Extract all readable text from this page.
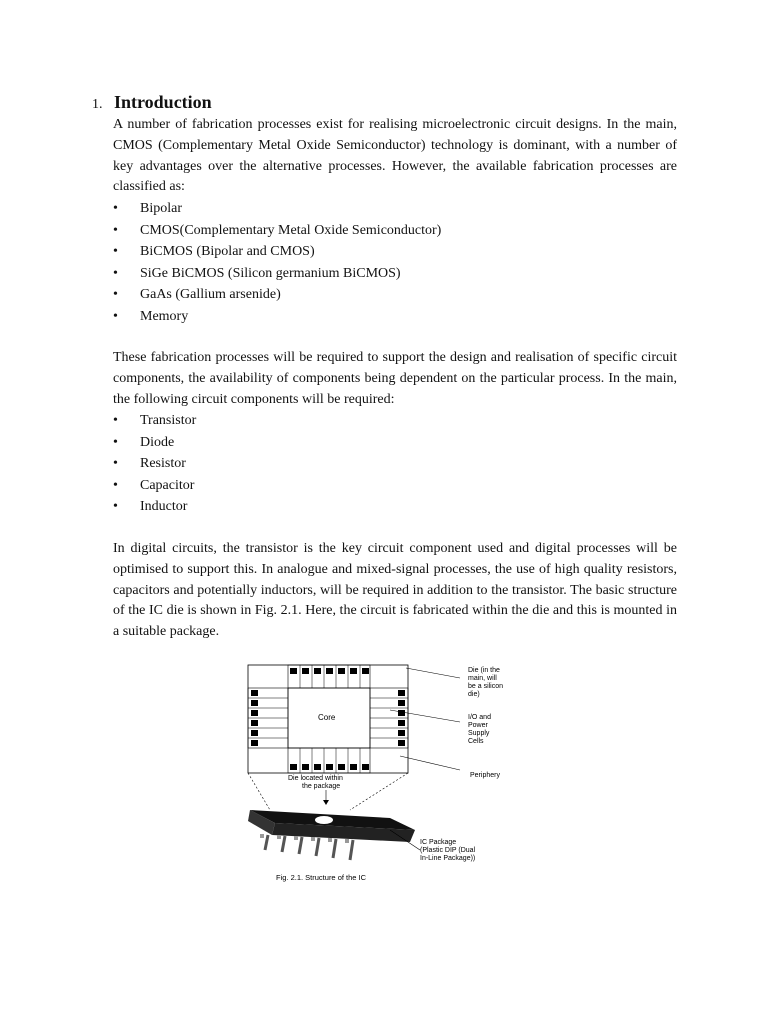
1. Introduction

A number of fabrication processes exist for realising microelectronic circuit designs. In the main, CMOS (Complementary Metal Oxide Semiconductor) technology is dominant, with a number of key advantages over the alternative processes. However, the available fabrication processes are classified as:

•	Bipolar
•	CMOS(Complementary Metal Oxide Semiconductor)
•	BiCMOS (Bipolar and CMOS)
•	SiGe BiCMOS (Silicon germanium BiCMOS)
•	GaAs (Gallium arsenide)
•	Memory

These fabrication processes will be required to support the design and realisation of specific circuit components, the availability of components being dependent on the particular process. In the main, the following circuit components will be required:

•	Transistor
•	Diode
•	Resistor
•	Capacitor
•	Inductor

In digital circuits, the transistor is the key circuit component used and digital processes will be optimised to support this. In analogue and mixed-signal processes, the use of high quality resistors, capacitors and potentially inductors, will be required in addition to the transistor. The basic structure of the IC die is shown in Fig. 2.1. Here, the circuit is fabricated within the die and this is mounted in a suitable package.

Core
Die (in the
main, will
be a silicon
die)
I/O and
Power
Supply
Cells
Periphery
Die located within
the package
IC Package
(Plastic DIP (Dual
In-Line Package))
Fig. 2.1. Structure of the IC
